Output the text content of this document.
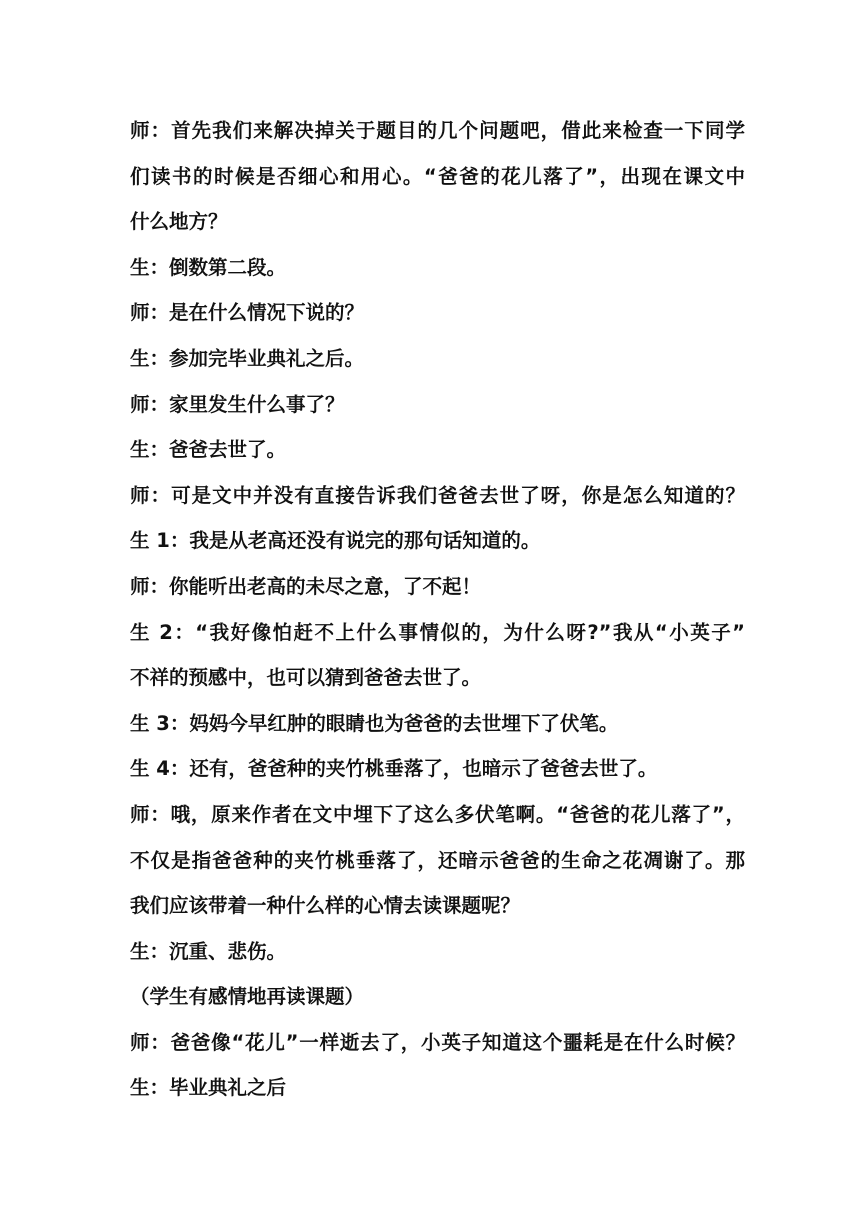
师：首先我们来解决掉关于题目的几个问题吧，借此来检查一下同学

们读书的时候是否细心和用心。“爸爸的花儿落了”，出现在课文中

什么地方？

生：倒数第二段。

师：是在什么情况下说的？

生：参加完毕业典礼之后。

师：家里发生什么事了？

生：爸爸去世了。

师：可是文中并没有直接告诉我们爸爸去世了呀，你是怎么知道的？

生 1：我是从老高还没有说完的那句话知道的。

师：你能听出老高的未尽之意，了不起！

生 2：“我好像怕赶不上什么事情似的，为什么呀?”我从“小英子”

不祥的预感中，也可以猜到爸爸去世了。

生 3：妈妈今早红肿的眼睛也为爸爸的去世埋下了伏笔。

生 4：还有，爸爸种的夹竹桃垂落了，也暗示了爸爸去世了。

师：哦，原来作者在文中埋下了这么多伏笔啊。“爸爸的花儿落了”，

不仅是指爸爸种的夹竹桃垂落了，还暗示爸爸的生命之花凋谢了。那

我们应该带着一种什么样的心情去读课题呢？

生：沉重、悲伤。

（学生有感情地再读课题）

师：爸爸像“花儿”一样逝去了，小英子知道这个噩耗是在什么时候？

生：毕业典礼之后
